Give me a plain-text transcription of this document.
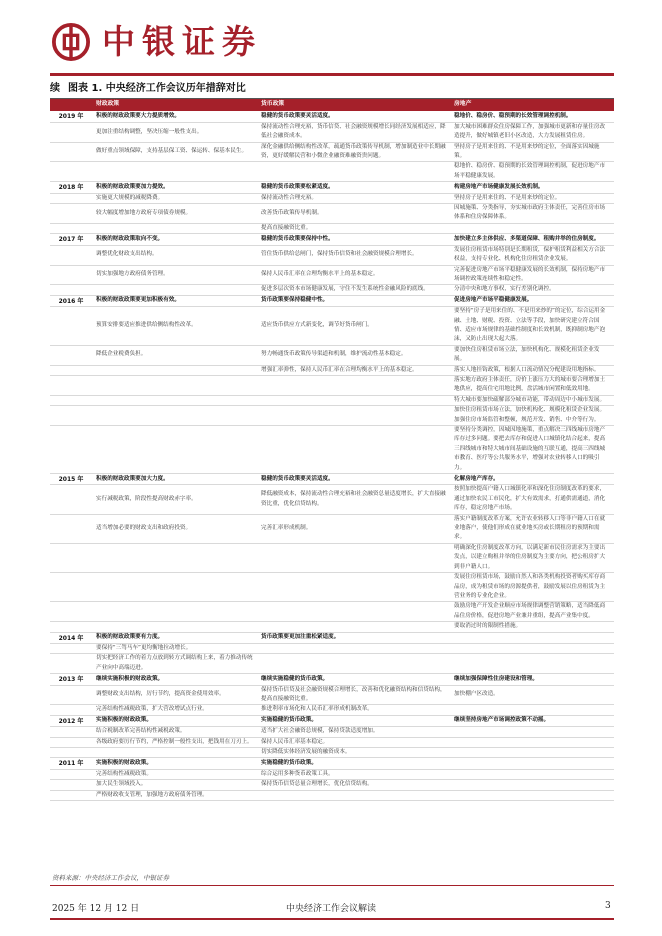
中银证券
续 图表 1. 中央经济工作会议历年措辞对比
	财政政策	货币政策	房地产
2019 年	积极的财政政策要大力提质增效。	稳健的货币政策要灵活适度。	稳地价、稳房价、稳预期的长效管理调控机制。
	更加注重结构调整，坚决压缩一般性支出。	保持流动性合理充裕，货币信贷、社会融资规模增长同经济发展相适应，降低社会融资成本。	加大城市困难群众住房保障工作，加强城市更新和存量住房改造提升，做好城镇老旧小区改造，大力发展租赁住房。
	做好重点领域保障，支持基层保工资、保运转、保基本民生。	深化金融供给侧结构性改革，疏通货币政策传导机制，增加制造业中长期融资，更好缓解民营和小微企业融资难融资贵问题。	坚持房子是用来住的、不是用来炒的定位，全面落实因城施策。
			稳地价、稳房价、稳预期的长效管理调控机制，促进房地产市场平稳健康发展。
2018 年	积极的财政政策要加力提效。	稳健的货币政策要松紧适度。	构建房地产市场健康发展长效机制。
	实施更大规模的减税降费。	保持流动性合理充裕。	坚持房子是用来住的、不是用来炒的定位。
	较大幅度增加地方政府专项债券规模。	改善货币政策传导机制。	因城施策、分类指导，夯实城市政府主体责任，完善住房市场体系和住房保障体系。
		提高直接融资比重。	
2017 年	积极的财政政策取向不变。	稳健的货币政策要保持中性。	加快建立多主体供应、多渠道保障、租购并举的住房制度。
	调整优化财政支出结构。	管住货币供给总闸门，保持货币信贷和社会融资规模合理增长。	发展住房租赁市场特别是长期租赁，保护租赁利益相关方合法权益，支持专业化、机构化住房租赁企业发展。
	切实加强地方政府债务管理。	保持人民币汇率在合理均衡水平上的基本稳定。	完善促进房地产市场平稳健康发展的长效机制，保持房地产市场调控政策连续性和稳定性。
		促进多层次资本市场健康发展，守住不发生系统性金融风险的底线。	分清中央和地方事权，实行差别化调控。
2016 年	积极的财政政策要更加积极有效。	货币政策要保持稳健中性。	促进房地产市场平稳健康发展。
	预算安排要适应推进供给侧结构性改革。	适应货币供应方式新变化，调节好货币闸门。	要坚持“房子是用来住的、不是用来炒的”的定位，综合运用金融、土地、财税、投资、立法等手段，加快研究建立符合国情、适应市场规律的基础性制度和长效机制，既抑制房地产泡沫，又防止出现大起大落。
	降低企业税费负担。	努力畅通货币政策传导渠道和机制，维护流动性基本稳定。	要加快住房租赁市场立法，加快机构化、规模化租赁企业发展。
		增强汇率弹性，保持人民币汇率在合理均衡水平上的基本稳定。	落实人地挂钩政策，根据人口流动情况分配建设用地指标。
			落实地方政府主体责任，房价上涨压力大的城市要合理增加土地供应，提高住宅用地比例，盘活城市闲置和低效用地。
			特大城市要加快疏解部分城市功能，带动周边中小城市发展。
			加快住房租赁市场立法，加快机构化、规模化租赁企业发展。加强住房市场监管和整顿，规范开发、销售、中介等行为。
			要坚持分类调控，因城因地施策，重点解决三四线城市房地产库存过多问题。要把去库存和促进人口城镇化结合起来，提高三四线城市和特大城市间基础设施的互联互通，提高三四线城市教育、医疗等公共服务水平，增强对农业转移人口的吸引力。
2015 年	积极的财政政策要加大力度。	稳健的货币政策要灵活适度。	化解房地产库存。
	实行减税政策，阶段性提高财政赤字率。	降低融资成本，保持流动性合理充裕和社会融资总量适度增长，扩大直接融资比重，优化信贷结构。	按照加快提高户籍人口城镇化率和深化住房制度改革的要求，通过加快农民工市民化，扩大有效需求，打通供需通道，消化库存，稳定房地产市场。
	适当增加必要的财政支出和政府投资。	完善汇率形成机制。	落实户籍制度改革方案，允许农业转移人口等非户籍人口在就业地落户，使他们形成在就业地买房或长期租房的预期和需求。
			明确深化住房制度改革方向，以满足新市民住房需求为主要出发点，以建立购租并举的住房制度为主要方向，把公租房扩大到非户籍人口。
			发展住房租赁市场，鼓励自然人和各类机构投资者购买库存商品房，成为租赁市场的房源提供者，鼓励发展以住房租赁为主营业务的专业化企业。
			鼓励房地产开发企业顺应市场规律调整营销策略，适当降低商品住房价格，促进房地产业兼并重组，提高产业集中度。
			要取消过时的限制性措施。
2014 年	积极的财政政策要有力度。	货币政策要更加注重松紧适度。	
	要保持“三驾马车”更均衡地拉动增长。		
	切实把经济工作的着力点放到转方式调结构上来，着力推动传统产业向中高端迈进。		
2013 年	继续实施积极的财政政策。	继续实施稳健的货币政策。	继续加强保障性住房建设和管理。
	调整财政支出结构，厉行节约，提高资金使用效率。	保持货币信贷及社会融资规模合理增长，改善和优化融资结构和信贷结构，提高直接融资比重。	加快棚户区改造。
	完善结构性减税政策，扩大营改增试点行业。	推进利率市场化和人民币汇率形成机制改革。	
2012 年	实施积极的财政政策。	实施稳健的货币政策。	继续坚持房地产市场调控政策不动摇。
	结合税制改革完善结构性减税政策。	适当扩大社会融资总规模，保持贷款适度增加。	
	各级政府要厉行节约，严格控制一般性支出，把钱用在刀刃上。	保持人民币汇率基本稳定。	
		切实降低实体经济发展的融资成本。	
2011 年	实施积极的财政政策。	实施稳健的货币政策。	
	完善结构性减税政策。	综合运用多种货币政策工具。	
	加大民生领域投入。	保持货币信贷总量合理增长，优化信贷结构。	
	严格财政收支管理，加强地方政府债务管理。		
资料来源：中央经济工作会议，中银证券
2025 年 12 月 12 日	中央经济工作会议解读	3
